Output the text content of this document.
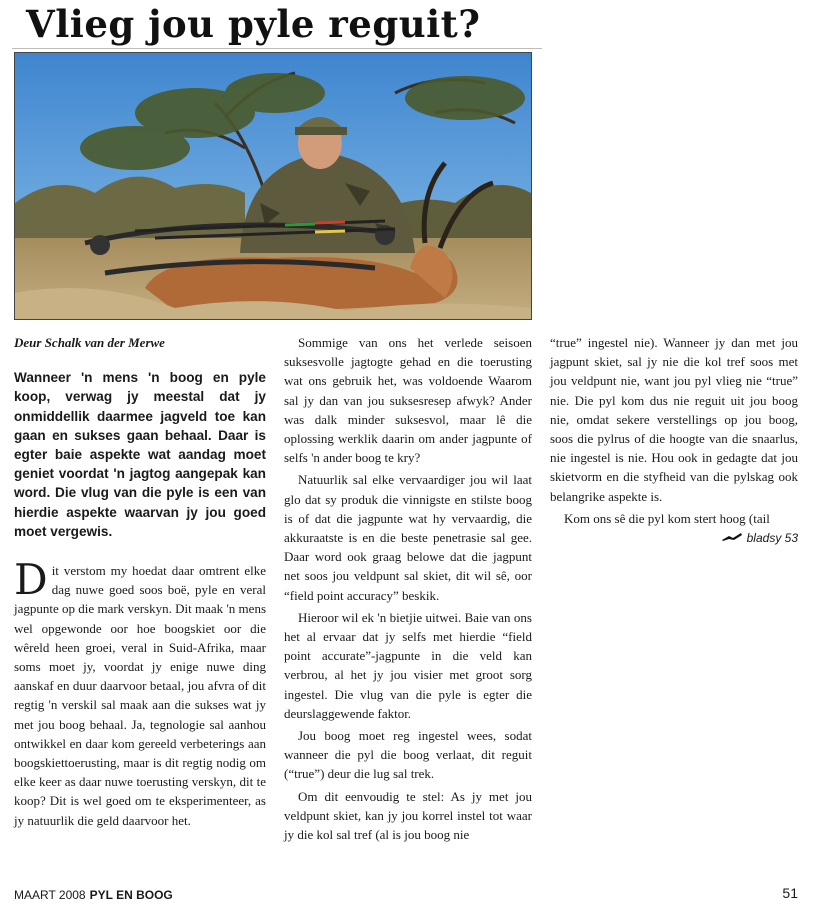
Vlieg jou pyle reguit?
Deur Schalk van der Merwe
Wanneer 'n mens 'n boog en pyle koop, verwag jy meestal dat jy onmiddellik daarmee jagveld toe kan gaan en sukses gaan behaal. Daar is egter baie aspekte wat aandag moet geniet voordat 'n jagtog aangepak kan word. Die vlug van die pyle is een van hierdie aspekte waarvan jy jou goed moet vergewis.

Dit verstom my hoedat daar omtrent elke dag nuwe goed soos boë, pyle en veral jagpunte op die mark verskyn. Dit maak 'n mens wel opgewonde oor hoe boogskiet oor die wêreld heen groei, veral in Suid-Afrika, maar soms moet jy, voordat jy enige nuwe ding aanskaf en duur daarvoor betaal, jou afvra of dit regtig 'n verskil sal maak aan die sukses wat jy met jou boog behaal. Ja, tegnologie sal aanhou ontwikkel en daar kom gereeld verbeterings aan boogskiettoerusting, maar is dit regtig nodig om elke keer as daar nuwe toerusting verskyn, dit te koop? Dit is wel goed om te eksperimenteer, as jy natuurlik die geld daarvoor het.

Sommige van ons het verlede seisoen suksesvolle jagtogte gehad en die toerusting wat ons gebruik het, was voldoende Waarom sal jy dan van jou suksesresep afwyk? Ander was dalk minder suksesvol, maar lê die oplossing werklik daarin om ander jagpunte of selfs 'n ander boog te kry?

Natuurlik sal elke vervaardiger jou wil laat glo dat sy produk die vinnigste en stilste boog is of dat die jagpunte wat hy vervaardig, die akkuraatste is en die beste penetrasie sal gee. Daar word ook graag belowe dat die jagpunt net soos jou veldpunt sal skiet, dit wil sê, oor “field point accuracy” beskik.

Hieroor wil ek 'n bietjie uitwei. Baie van ons het al ervaar dat jy selfs met hierdie “field point accurate”-jagpunte in die veld kan verbrou, al het jy jou visier met groot sorg ingestel. Die vlug van die pyle is egter die deurslaggewende faktor.

Jou boog moet reg ingestel wees, sodat wanneer die pyl die boog verlaat, dit reguit (“true”) deur die lug sal trek.

Om dit eenvoudig te stel: As jy met jou veldpunt skiet, kan jy jou korrel instel tot waar jy die kol sal tref (al is jou boog nie

“true” ingestel nie). Wanneer jy dan met jou jagpunt skiet, sal jy nie die kol tref soos met jou veldpunt nie, want jou pyl vlieg nie “true” nie. Die pyl kom dus nie reguit uit jou boog nie, omdat sekere verstellings op jou boog, soos die pylrus of die hoogte van die snaarlus, nie ingestel is nie. Hou ook in gedagte dat jou skietvorm en die styfheid van die pylskag ook belangrike aspekte is.

Kom ons sê die pyl kom stert hoog (tail

bladsy 53
MAART 2008 PYL EN BOOG	51
